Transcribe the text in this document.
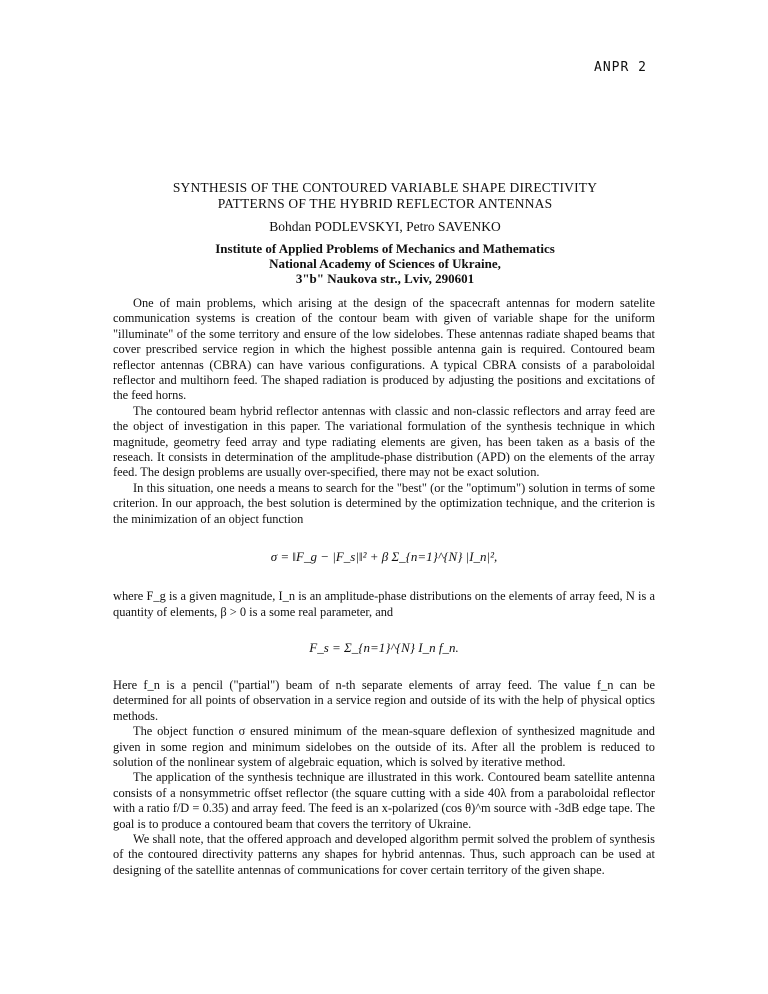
ANPR 2
SYNTHESIS OF THE CONTOURED VARIABLE SHAPE DIRECTIVITY
PATTERNS OF THE HYBRID REFLECTOR ANTENNAS
Bohdan PODLEVSKYI, Petro SAVENKO
Institute of Applied Problems of Mechanics and Mathematics
National Academy of Sciences of Ukraine,
3"b" Naukova str., Lviv, 290601

One of main problems, which arising at the design of the spacecraft antennas for modern satelite communication systems is creation of the contour beam with given of variable shape for the uniform "illuminate" of the some territory and ensure of the low sidelobes. These antennas radiate shaped beams that cover prescribed service region in which the highest possible antenna gain is required. Contoured beam reflector antennas (CBRA) can have various configurations. A typical CBRA consists of a paraboloidal reflector and multihorn feed. The shaped radiation is produced by adjusting the positions and excitations of the feed horns.

The contoured beam hybrid reflector antennas with classic and non-classic reflectors and array feed are the object of investigation in this paper. The variational formulation of the synthesis technique in which magnitude, geometry feed array and type radiating elements are given, has been taken as a basis of the reseach. It consists in determination of the amplitude-phase distribution (APD) on the elements of the array feed. The design problems are usually over-specified, there may not be exact solution.

In this situation, one needs a means to search for the "best" (or the "optimum") solution in terms of some criterion. In our approach, the best solution is determined by the optimization technique, and the criterion is the minimization of an object function

σ = ‖F_g − |F_s|‖² + β Σ_{n=1}^{N} |I_n|²,

where F_g is a given magnitude, I_n is an amplitude-phase distributions on the elements of array feed, N is a quantity of elements, β > 0 is a some real parameter, and

F_s = Σ_{n=1}^{N} I_n f_n.

Here f_n is a pencil ("partial") beam of n-th separate elements of array feed. The value f_n can be determined for all points of observation in a service region and outside of its with the help of physical optics methods.

The object function σ ensured minimum of the mean-square deflexion of synthesized magnitude and given in some region and minimum sidelobes on the outside of its. After all the problem is reduced to solution of the nonlinear system of algebraic equation, which is solved by iterative method.

The application of the synthesis technique are illustrated in this work. Contoured beam satellite antenna consists of a nonsymmetric offset reflector (the square cutting with a side 40λ from a paraboloidal reflector with a ratio f/D = 0.35) and array feed. The feed is an x-polarized (cos θ)^m source with -3dB edge tape. The goal is to produce a contoured beam that covers the territory of Ukraine.

We shall note, that the offered approach and developed algorithm permit solved the problem of synthesis of the contoured directivity patterns any shapes for hybrid antennas. Thus, such approach can be used at designing of the satellite antennas of communications for cover certain territory of the given shape.
